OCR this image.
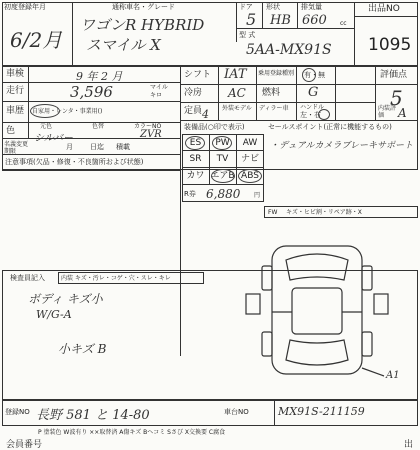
初度登録年月
6/2月
通称車名・グレード
ワゴンR HYBRID
スマイル X
ドア
5
形状
HB
排気量
660 cc
型 式
5AA-MX91S
出品NO
1095
車検	9 年 2 月
走行	3,596	マイル
キロ
車歴 自家用・レンタ・事業用()
色	元色	色替	カラーNO
シルバー	ZVR
名義変更期限
月 日迄 積載
注意事項(欠品・修復・不良箇所および状態)
シフト IAT 乗用登録種別 有・無	評価点
5
冷房 AC 燃料 G
定員 4 外装モデル ディラー車 ハンドル
左・右
内装評価	A
装備品(○印で表示)	セールスポイント(正常に機能するもの)
・デュアルカメラブレーキサポート
ES	PW	AW
SR	TV	ナビ
カワ エアB ABS
R券 6,880 円
FW キズ・ヒビ割・リペア跡・X
検査員記入	内装 キズ・汚レ・コゲ・穴・スレ・キレ
ボディ キズ小
W/G-A
小キズ B
A1
登録NO 長野 581 と 14-80	車台NO	MX91S-211159
P 塗装色 W波有り ××取替済 A傷キズ Bヘコミ Sさび X交換要 C腐食
会員番号	出
